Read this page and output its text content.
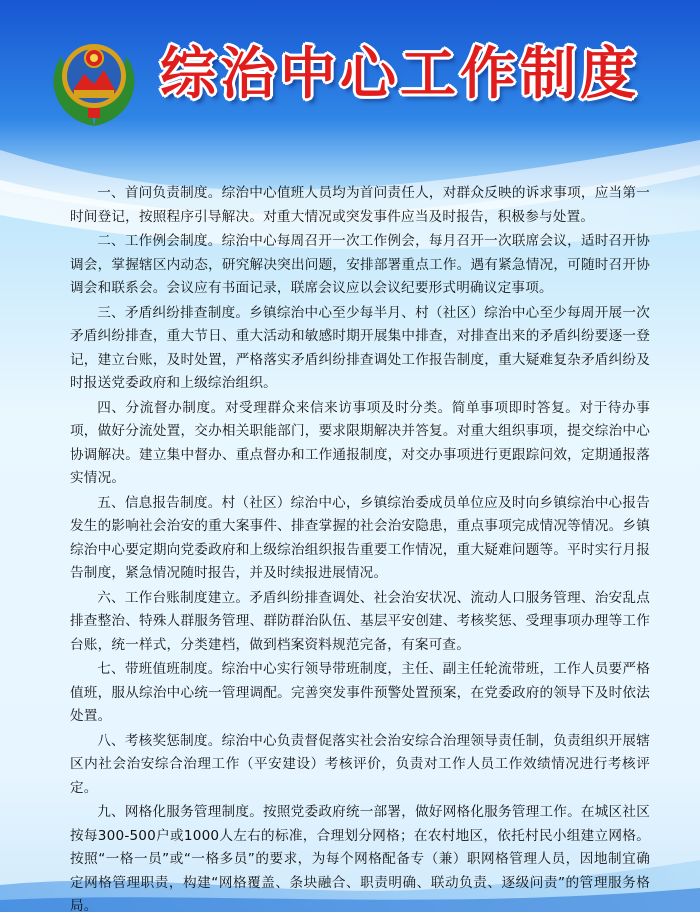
综治中心工作制度

一、首问负责制度。综治中心值班人员均为首问责任人，对群众反映的诉求事项，应当第一时间登记，按照程序引导解决。对重大情况或突发事件应当及时报告，积极参与处置。

二、工作例会制度。综治中心每周召开一次工作例会，每月召开一次联席会议，适时召开协调会，掌握辖区内动态，研究解决突出问题，安排部署重点工作。遇有紧急情况，可随时召开协调会和联系会。会议应有书面记录，联席会议应以会议纪要形式明确议定事项。

三、矛盾纠纷排查制度。乡镇综治中心至少每半月、村（社区）综治中心至少每周开展一次矛盾纠纷排查，重大节日、重大活动和敏感时期开展集中排查，对排查出来的矛盾纠纷要逐一登记，建立台账，及时处置，严格落实矛盾纠纷排查调处工作报告制度，重大疑难复杂矛盾纠纷及时报送党委政府和上级综治组织。

四、分流督办制度。对受理群众来信来访事项及时分类。简单事项即时答复。对于待办事项，做好分流处置，交办相关职能部门，要求限期解决并答复。对重大组织事项，提交综治中心协调解决。建立集中督办、重点督办和工作通报制度，对交办事项进行更跟踪问效，定期通报落实情况。

五、信息报告制度。村（社区）综治中心，乡镇综治委成员单位应及时向乡镇综治中心报告发生的影响社会治安的重大案事件、排查掌握的社会治安隐患，重点事项完成情况等情况。乡镇综治中心要定期向党委政府和上级综治组织报告重要工作情况，重大疑难问题等。平时实行月报告制度，紧急情况随时报告，并及时续报进展情况。

六、工作台账制度建立。矛盾纠纷排查调处、社会治安状况、流动人口服务管理、治安乱点排查整治、特殊人群服务管理、群防群治队伍、基层平安创建、考核奖惩、受理事项办理等工作台账，统一样式，分类建档，做到档案资料规范完备，有案可查。

七、带班值班制度。综治中心实行领导带班制度，主任、副主任轮流带班，工作人员要严格值班，服从综治中心统一管理调配。完善突发事件预警处置预案，在党委政府的领导下及时依法处置。

八、考核奖惩制度。综治中心负责督促落实社会治安综合治理领导责任制，负责组织开展辖区内社会治安综合治理工作（平安建设）考核评价，负责对工作人员工作效绩情况进行考核评定。

九、网格化服务管理制度。按照党委政府统一部署，做好网格化服务管理工作。在城区社区按每300-500户或1000人左右的标准，合理划分网格；在农村地区，依托村民小组建立网格。按照“一格一员”或“一格多员”的要求，为每个网格配备专（兼）职网格管理人员，因地制宜确定网格管理职责，构建“网格覆盖、条块融合、职责明确、联动负责、逐级问责”的管理服务格局。
